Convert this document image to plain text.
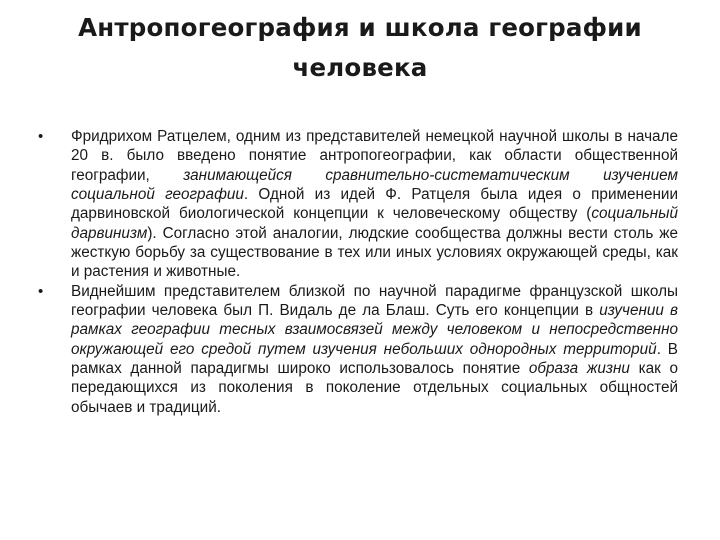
Антропогеография и школа географии
человека
• Фридрихом Ратцелем, одним из представителей немецкой научной школы в начале 20 в. было введено понятие антропогеографии, как области общественной географии, занимающейся сравнительно-систематическим изучением социальной географии. Одной из идей Ф. Ратцеля была идея о применении дарвиновской биологической концепции к человеческому обществу (социальный дарвинизм). Согласно этой аналогии, людские сообщества должны вести столь же жесткую борьбу за существование в тех или иных условиях окружающей среды, как и растения и животные.
• Виднейшим представителем близкой по научной парадигме французской школы географии человека был П. Видаль де ла Блаш. Суть его концепции в изучении в рамках географии тесных взаимосвязей между человеком и непосредственно окружающей его средой путем изучения небольших однородных территорий. В рамках данной парадигмы широко использовалось понятие образа жизни как о передающихся из поколения в поколение отдельных социальных общностей обычаев и традиций.
